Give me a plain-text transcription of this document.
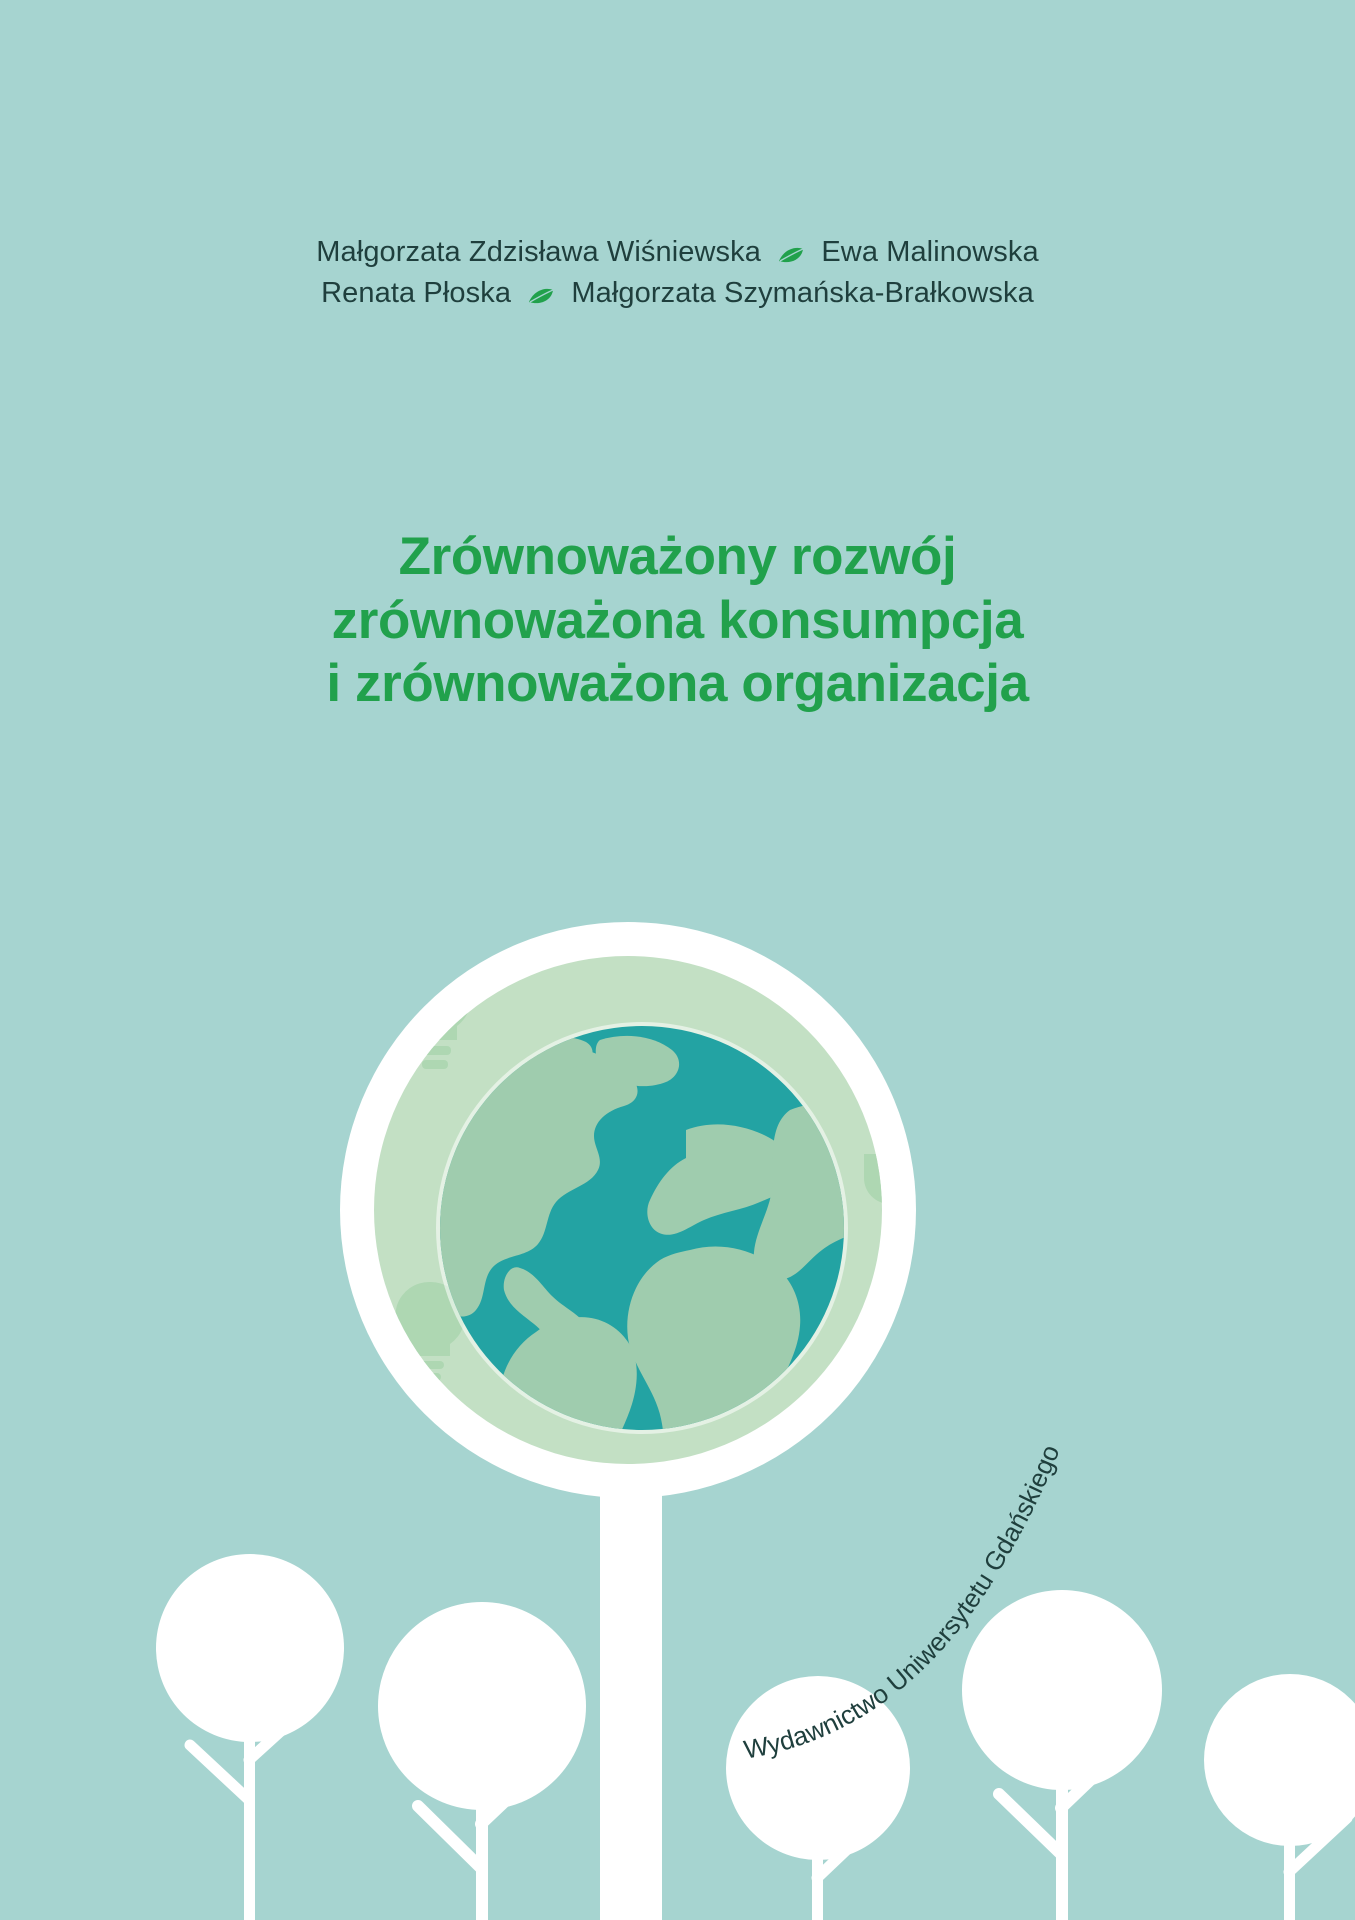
Wydawnictwo Uniwersytetu Gdańskiego
Małgorzata Zdzisława Wiśniewska Ewa Malinowska
Renata Płoska Małgorzata Szymańska-Brałkowska
Zrównoważony rozwój
zrównoważona konsumpcja
i zrównoważona organizacja
